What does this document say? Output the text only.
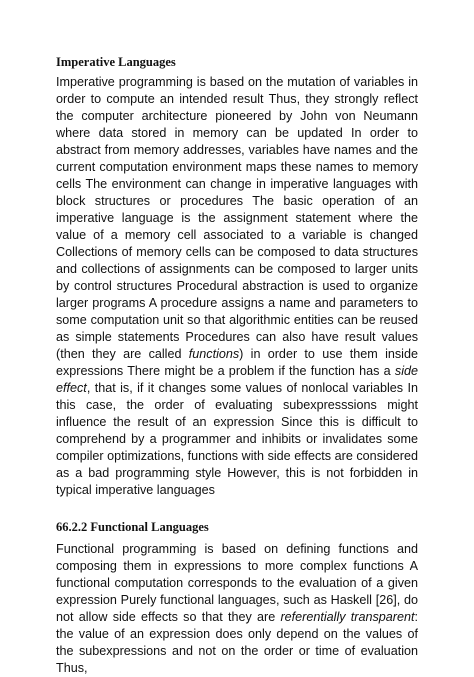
Imperative Languages

Imperative programming is based on the mutation of variables in order to compute an intended result Thus, they strongly reflect the computer architecture pioneered by John von Neumann where data stored in memory can be updated In order to abstract from memory addresses, variables have names and the current computation environment maps these names to memory cells The environment can change in imperative languages with block structures or procedures The basic operation of an imperative language is the assignment statement where the value of a memory cell associated to a variable is changed Collections of memory cells can be composed to data structures and collections of assignments can be composed to larger units by control structures Procedural abstraction is used to organize larger programs A procedure assigns a name and parameters to some computation unit so that algorithmic entities can be reused as simple statements Procedures can also have result values (then they are called functions) in order to use them inside expressions There might be a problem if the function has a side effect, that is, if it changes some values of nonlocal variables In this case, the order of evaluating subexpresssions might influence the result of an expression Since this is difficult to comprehend by a programmer and inhibits or invalidates some compiler optimizations, functions with side effects are considered as a bad programming style However, this is not forbidden in typical imperative languages

66.2.2 Functional Languages

Functional programming is based on defining functions and composing them in expressions to more complex functions A functional computation corresponds to the evaluation of a given expression Purely functional languages, such as Haskell [26], do not allow side effects so that they are referentially transparent: the value of an expression does only depend on the values of the subexpressions and not on the order or time of evaluation Thus,
